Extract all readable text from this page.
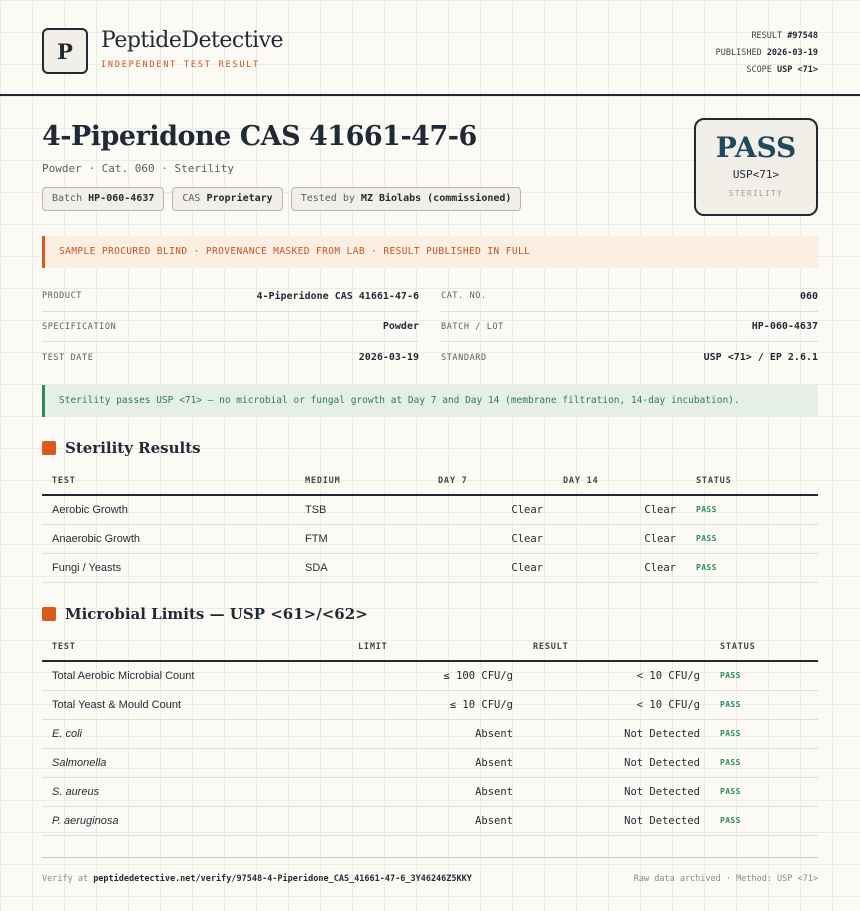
P	PeptideDetective
INDEPENDENT TEST RESULT
RESULT #97548
PUBLISHED 2026-03-19
SCOPE USP <71>
4-Piperidone CAS 41661-47-6
Powder · Cat. 060 · Sterility
Batch HP-060-4637	CAS Proprietary	Tested by MZ Biolabs (commissioned)
PASS
USP<71>
STERILITY
SAMPLE PROCURED BLIND · PROVENANCE MASKED FROM LAB · RESULT PUBLISHED IN FULL
PRODUCT	4-Piperidone CAS 41661-47-6
SPECIFICATION	Powder
TEST DATE	2026-03-19
CAT. NO.	060
BATCH / LOT	HP-060-4637
STANDARD	USP <71> / EP 2.6.1
Sterility passes USP <71> — no microbial or fungal growth at Day 7 and Day 14 (membrane filtration, 14-day incubation).
Sterility Results
TEST	MEDIUM	DAY 7	DAY 14	STATUS
Aerobic Growth	TSB	Clear	Clear	PASS
Anaerobic Growth	FTM	Clear	Clear	PASS
Fungi / Yeasts	SDA	Clear	Clear	PASS
Microbial Limits — USP <61>/<62>
TEST	LIMIT	RESULT	STATUS
Total Aerobic Microbial Count	≤ 100 CFU/g	< 10 CFU/g	PASS
Total Yeast & Mould Count	≤ 10 CFU/g	< 10 CFU/g	PASS
E. coli	Absent	Not Detected	PASS
Salmonella	Absent	Not Detected	PASS
S. aureus	Absent	Not Detected	PASS
P. aeruginosa	Absent	Not Detected	PASS
Verify at peptidedetective.net/verify/97548-4-Piperidone_CAS_41661-47-6_3Y46246Z5KKY	Raw data archived · Method: USP <71>
